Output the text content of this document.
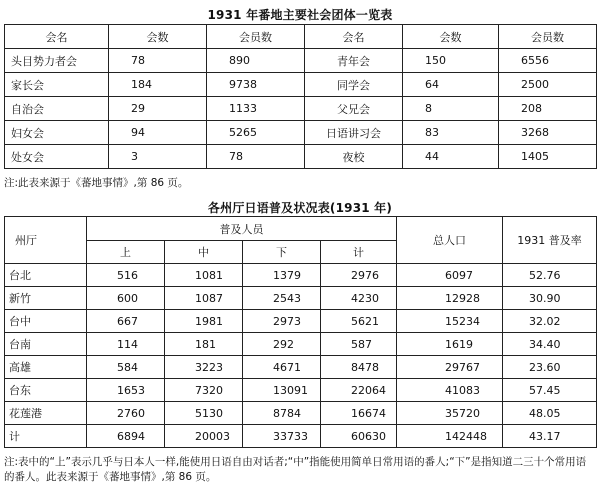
1931 年番地主要社会团体一览表
会名	会数	会员数	会名	会数	会员数
头目势力者会	78	890	青年会	150	6556
家长会	184	9738	同学会	64	2500
自治会	29	1133	父兄会	8	208
妇女会	94	5265	日语讲习会	83	3268
处女会	3	78	夜校	44	1405
注:此表来源于《蕃地事情》,第 86 页。
各州厅日语普及状况表(1931 年)
州厅	普及人员				总人口	1931 普及率
	上	中	下	计		
台北	516	1081	1379	2976	6097	52.76
新竹	600	1087	2543	4230	12928	30.90
台中	667	1981	2973	5621	15234	32.02
台南	114	181	292	587	1619	34.40
高雄	584	3223	4671	8478	29767	23.60
台东	1653	7320	13091	22064	41083	57.45
花莲港	2760	5130	8784	16674	35720	48.05
计	6894	20003	33733	60630	142448	43.17
注:表中的“上”表示几乎与日本人一样,能使用日语自由对话者;“中”指能使用简单日常用语的番人;“下”是指知道二三十个常用语的番人。此表来源于《蕃地事情》,第 86 页。
